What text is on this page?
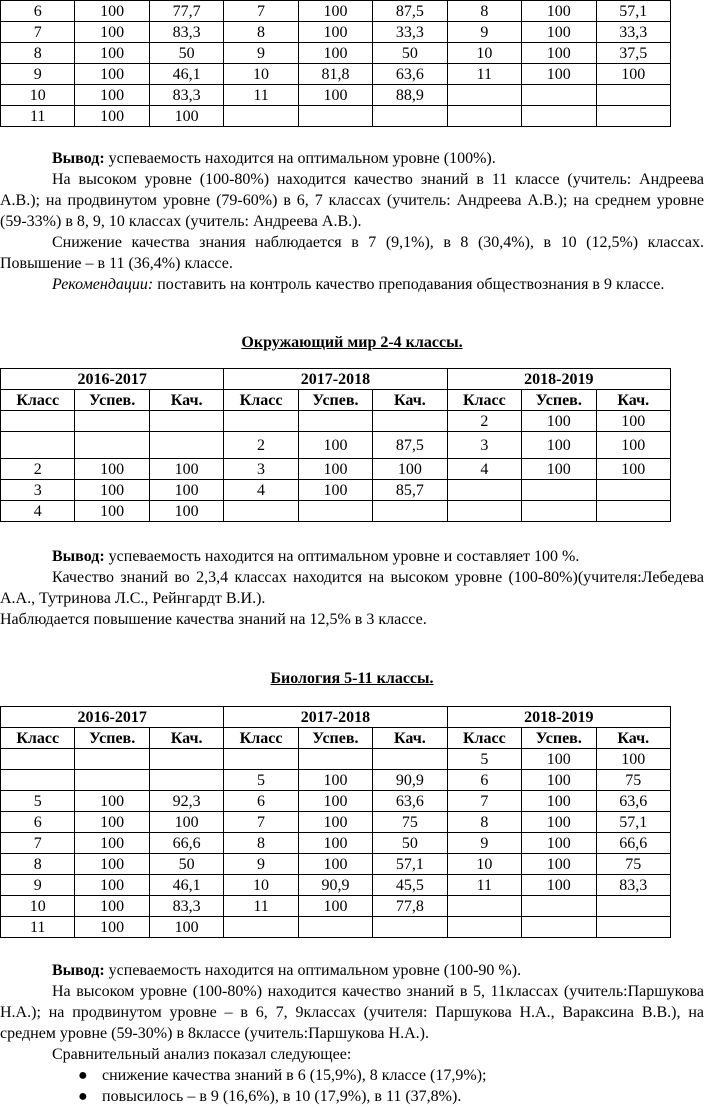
6	100	77,7	7	100	87,5	8	100	57,1
7	100	83,3	8	100	33,3	9	100	33,3
8	100	50	9	100	50	10	100	37,5
9	100	46,1	10	81,8	63,6	11	100	100
10	100	83,3	11	100	88,9			
11	100	100						

Вывод: успеваемость находится на оптимальном уровне (100%).

На высоком уровне (100-80%) находится качество знаний в 11 классе (учитель: Андреева А.В.); на продвинутом уровне (79-60%) в 6, 7 классах (учитель: Андреева А.В.); на среднем уровне (59-33%) в 8, 9, 10 классах (учитель: Андреева А.В.).

Снижение качества знания наблюдается в 7 (9,1%), в 8 (30,4%), в 10 (12,5%) классах. Повышение – в 11 (36,4%) классе.

Рекомендации: поставить на контроль качество преподавания обществознания в 9 классе.

Окружающий мир 2-4 классы.

2016-2017			2017-2018			2018-2019		
Класс	Успев.	Кач.	Класс	Успев.	Кач.	Класс	Успев.	Кач.
						2	100	100
			2	100	87,5	3	100	100
2	100	100	3	100	100	4	100	100
3	100	100	4	100	85,7			
4	100	100						

Вывод: успеваемость находится на оптимальном уровне и составляет 100 %.

Качество знаний во 2,3,4 классах находится на высоком уровне (100-80%)(учителя:Лебедева А.А., Тутринова Л.С., Рейнгардт В.И.).

Наблюдается повышение качества знаний на 12,5% в 3 классе.

Биология 5-11 классы.

2016-2017			2017-2018			2018-2019		
Класс	Успев.	Кач.	Класс	Успев.	Кач.	Класс	Успев.	Кач.
						5	100	100
			5	100	90,9	6	100	75
5	100	92,3	6	100	63,6	7	100	63,6
6	100	100	7	100	75	8	100	57,1
7	100	66,6	8	100	50	9	100	66,6
8	100	50	9	100	57,1	10	100	75
9	100	46,1	10	90,9	45,5	11	100	83,3
10	100	83,3	11	100	77,8			
11	100	100						

Вывод: успеваемость находится на оптимальном уровне (100-90 %).

На высоком уровне (100-80%) находится качество знаний в 5, 11классах (учитель:Паршукова Н.А.); на продвинутом уровне – в 6, 7, 9классах (учителя: Паршукова Н.А., Вараксина В.В.), на среднем уровне (59-30%) в 8классе (учитель:Паршукова Н.А.).

Сравнительный анализ показал следующее:

● снижение качества знаний в 6 (15,9%), 8 классе (17,9%);
● повысилось – в 9 (16,6%), в 10 (17,9%), в 11 (37,8%).
